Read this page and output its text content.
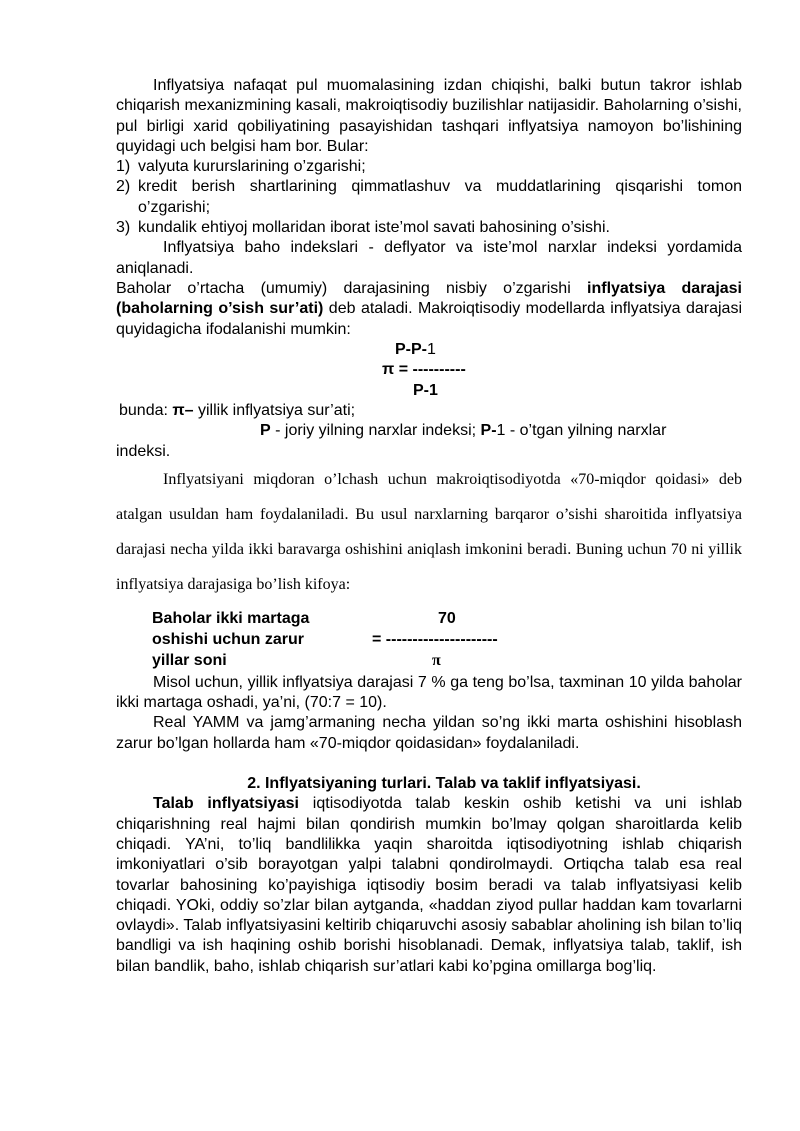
Inflyatsiya nafaqat pul muomalasining izdan chiqishi, balki butun takror ishlab chiqarish mexanizmining kasali, makroiqtisodiy buzilishlar natijasidir. Baholarning o’sishi, pul birligi xarid qobiliyatining pasayishidan tashqari inflyatsiya namoyon bo’lishining quyidagi uch belgisi ham bor. Bular:

1) valyuta kururslarining o’zgarishi;
2) kredit berish shartlarining qimmatlashuv va muddatlarining qisqarishi tomon o’zgarishi;
3) kundalik ehtiyoj mollaridan iborat iste’mol savati bahosining o’sishi.

Inflyatsiya baho indekslari - deflyator va iste’mol narxlar indeksi yordamida aniqlanadi.

Baholar o’rtacha (umumiy) darajasining nisbiy o’zgarishi inflyatsiya darajasi (baholarning o’sish sur’ati) deb ataladi. Makroiqtisodiy modellarda inflyatsiya darajasi quyidagicha ifodalanishi mumkin:

P-P-1
π = ----------
P-1
bunda: π– yillik inflyatsiya sur’ati;
P - joriy yilning narxlar indeksi; P-1 - o’tgan yilning narxlar
indeksi.

Inflyatsiyani miqdoran o’lchash uchun makroiqtisodiyotda «70-miqdor qoidasi» deb atalgan usuldan ham foydalaniladi. Bu usul narxlarning barqaror o’sishi sharoitida inflyatsiya darajasi necha yilda ikki baravarga oshishini aniqlash imkonini beradi. Buning uchun 70 ni yillik inflyatsiya darajasiga bo’lish kifoya:

Baholar ikki martaga
oshishi uchun zarur
yillar soni
70
= ---------------------
π

Misol uchun, yillik inflyatsiya darajasi 7 % ga teng bo’lsa, taxminan 10 yilda baholar ikki martaga oshadi, ya’ni, (70:7 = 10).

Real YAMM va jamg’armaning necha yildan so’ng ikki marta oshishini hisoblash zarur bo’lgan hollarda ham «70-miqdor qoidasidan» foydalaniladi.

2. Inflyatsiyaning turlari. Talab va taklif inflyatsiyasi.

Talab inflyatsiyasi iqtisodiyotda talab keskin oshib ketishi va uni ishlab chiqarishning real hajmi bilan qondirish mumkin bo’lmay qolgan sharoitlarda kelib chiqadi. YA’ni, to’liq bandlilikka yaqin sharoitda iqtisodiyotning ishlab chiqarish imkoniyatlari o’sib borayotgan yalpi talabni qondirolmaydi. Ortiqcha talab esa real tovarlar bahosining ko’payishiga iqtisodiy bosim beradi va talab inflyatsiyasi kelib chiqadi. YOki, oddiy so’zlar bilan aytganda, «haddan ziyod pullar haddan kam tovarlarni ovlaydi». Talab inflyatsiyasini keltirib chiqaruvchi asosiy sabablar aholining ish bilan to’liq bandligi va ish haqining oshib borishi hisoblanadi. Demak, inflyatsiya talab, taklif, ish bilan bandlik, baho, ishlab chiqarish sur’atlari kabi ko’pgina omillarga bog’liq.
